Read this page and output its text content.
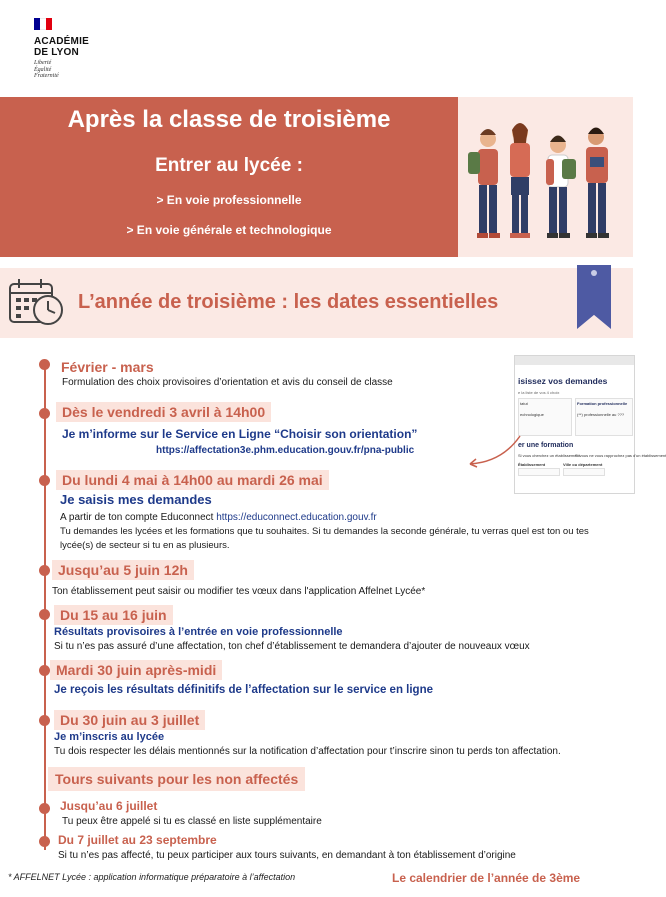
ACADÉMIE
DE LYON
Liberté
Égalité
Fraternité
Après la classe de troisième
Entrer au lycée :
> En voie professionnelle
> En voie générale et technologique
L’année de troisième : les dates essentielles
isissez vos demandes
e la liste de vos 4 choix
tatut
echnologique
Formation professionnelle
(**) professionnelle au ???
er une formation
Si vous cherchez un établissement
Si vous ne vous rapprochez pas d'un établissement
Établissement	Ville ou département
Février - mars
Formulation des choix provisoires d’orientation et avis du conseil de classe
Dès le vendredi 3 avril à 14h00
Je m’informe sur le Service en Ligne “Choisir son orientation”
https://affectation3e.phm.education.gouv.fr/pna-public
Du lundi 4 mai à 14h00 au mardi 26 mai
Je saisis mes demandes
A partir de ton compte Educonnect https://educonnect.education.gouv.fr
Tu demandes les lycées et les formations que tu souhaites. Si tu demandes la seconde générale, tu verras quel est ton ou tes
lycée(s) de secteur si tu en as plusieurs.
Jusqu’au 5 juin 12h
Ton établissement peut saisir ou modifier tes vœux dans l'application Affelnet Lycée*
Du 15 au 16 juin
Résultats provisoires à l’entrée en voie professionnelle
Si tu n’es pas assuré d’une affectation, ton chef d’établissement te demandera d’ajouter de nouveaux vœux
Mardi 30 juin après-midi
Je reçois les résultats définitifs de l’affectation sur le service en ligne
Du 30 juin au 3 juillet
Je m’inscris au lycée
Tu dois respecter les délais mentionnés sur la notification d’affectation pour t’inscrire sinon tu perds ton affectation.
Tours suivants pour les non affectés
Jusqu’au 6 juillet
Tu peux être appelé si tu es classé en liste supplémentaire
Du 7 juillet au 23 septembre
Si tu n’es pas affecté, tu peux participer aux tours suivants, en demandant à ton établissement d’origine
* AFFELNET Lycée : application informatique préparatoire à l’affectation	Le calendrier de l’année de 3ème
